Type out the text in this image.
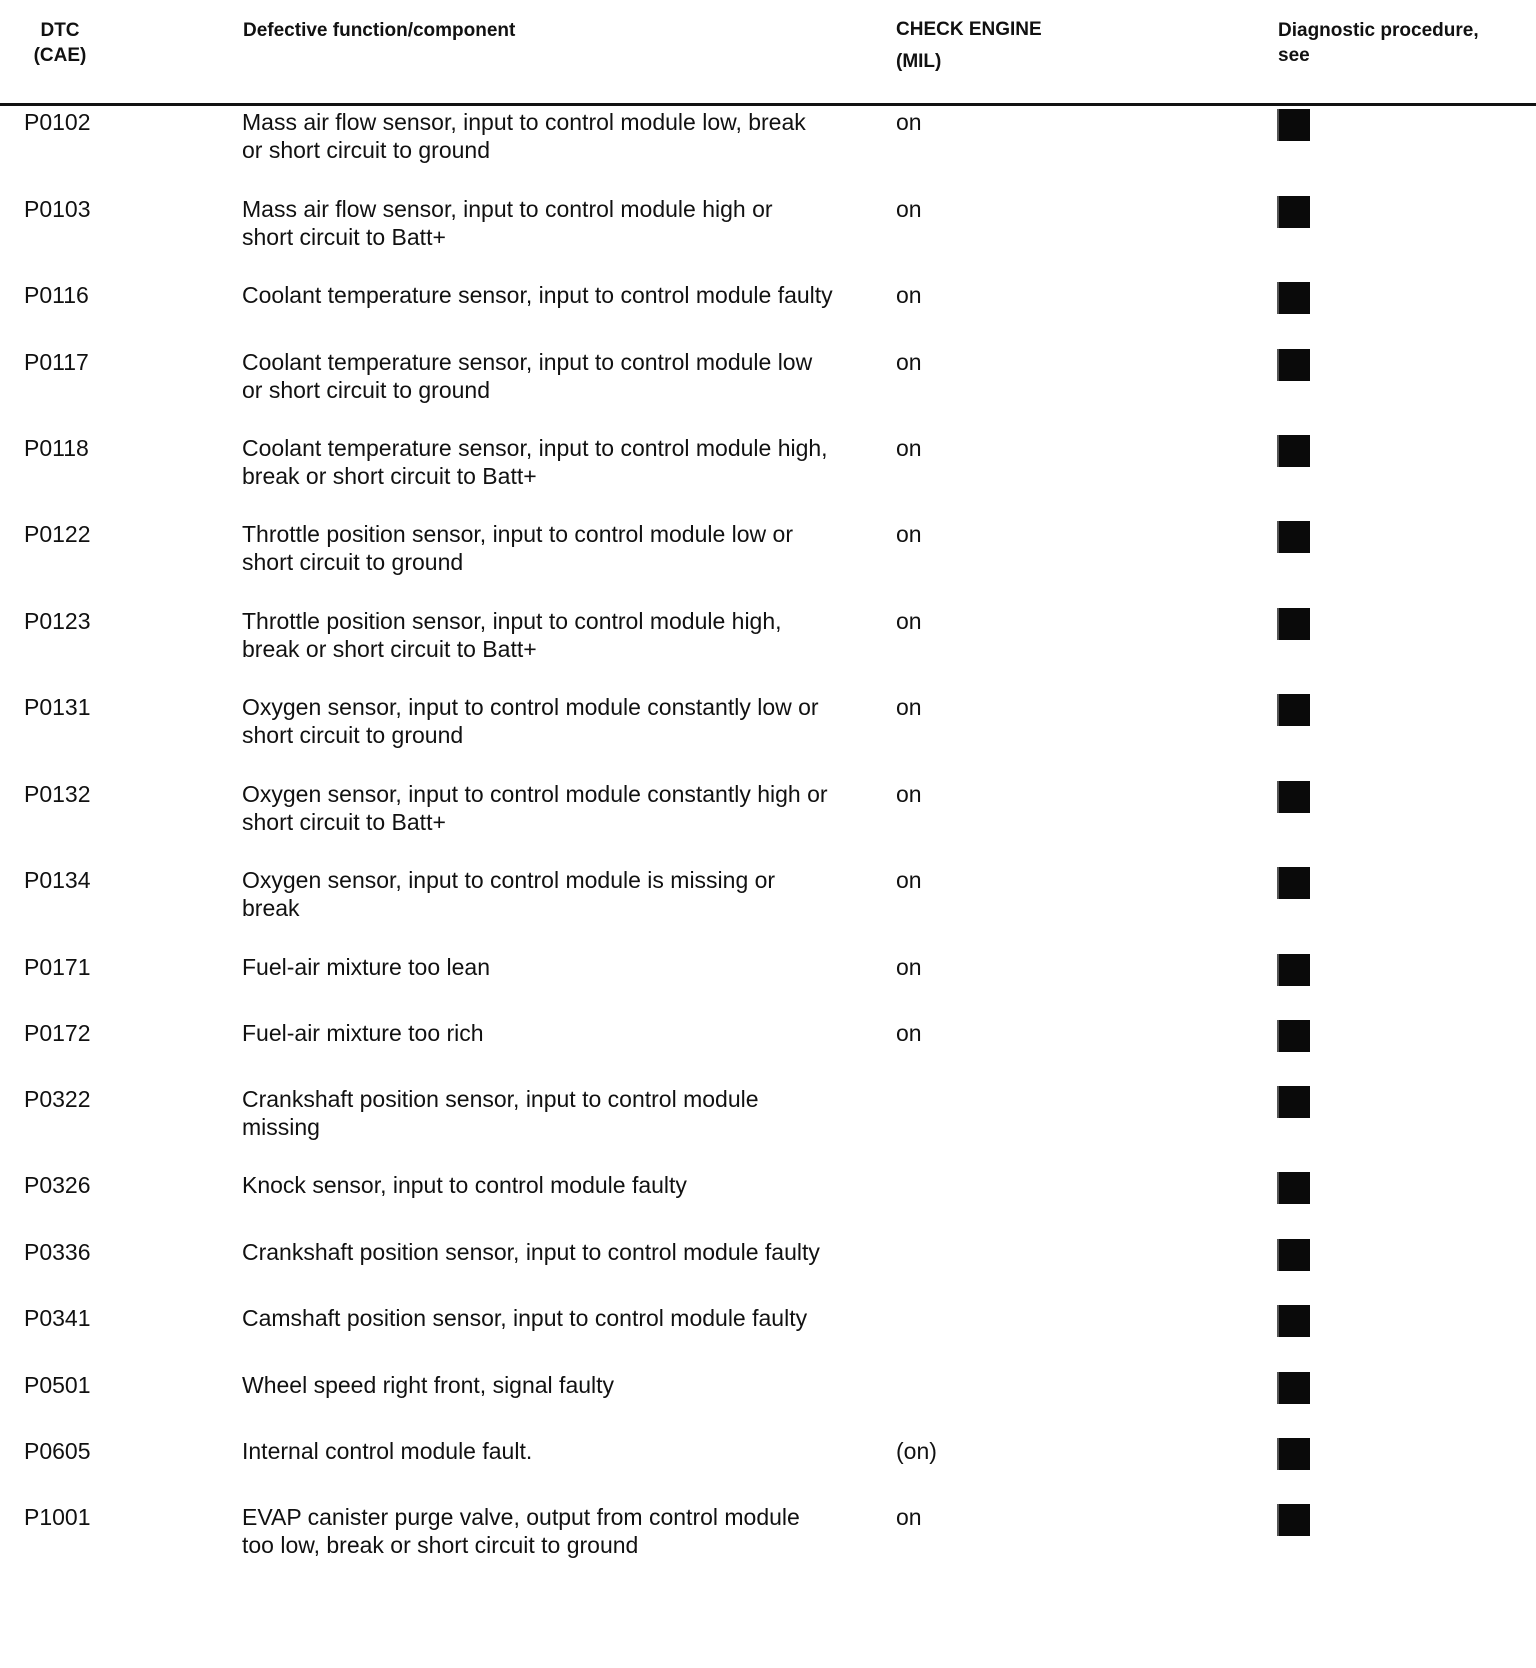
DTC
(CAE)
Defective function/component	CHECK ENGINE
(MIL)
Diagnostic procedure,
see
P0102	Mass air flow sensor, input to control module low, break
or short circuit to ground
on
P0103	Mass air flow sensor, input to control module high or
short circuit to Batt+
on
P0116	Coolant temperature sensor, input to control module faulty	on
P0117	Coolant temperature sensor, input to control module low
or short circuit to ground
on
P0118	Coolant temperature sensor, input to control module high,
break or short circuit to Batt+
on
P0122	Throttle position sensor, input to control module low or
short circuit to ground
on
P0123	Throttle position sensor, input to control module high,
break or short circuit to Batt+
on
P0131	Oxygen sensor, input to control module constantly low or
short circuit to ground
on
P0132	Oxygen sensor, input to control module constantly high or
short circuit to Batt+
on
P0134	Oxygen sensor, input to control module is missing or
break
on
P0171	Fuel-air mixture too lean	on
P0172	Fuel-air mixture too rich	on
P0322	Crankshaft position sensor, input to control module
missing
P0326	Knock sensor, input to control module faulty
P0336	Crankshaft position sensor, input to control module faulty
P0341	Camshaft position sensor, input to control module faulty
P0501	Wheel speed right front, signal faulty
P0605	Internal control module fault.	(on)
P1001	EVAP canister purge valve, output from control module
too low, break or short circuit to ground
on
